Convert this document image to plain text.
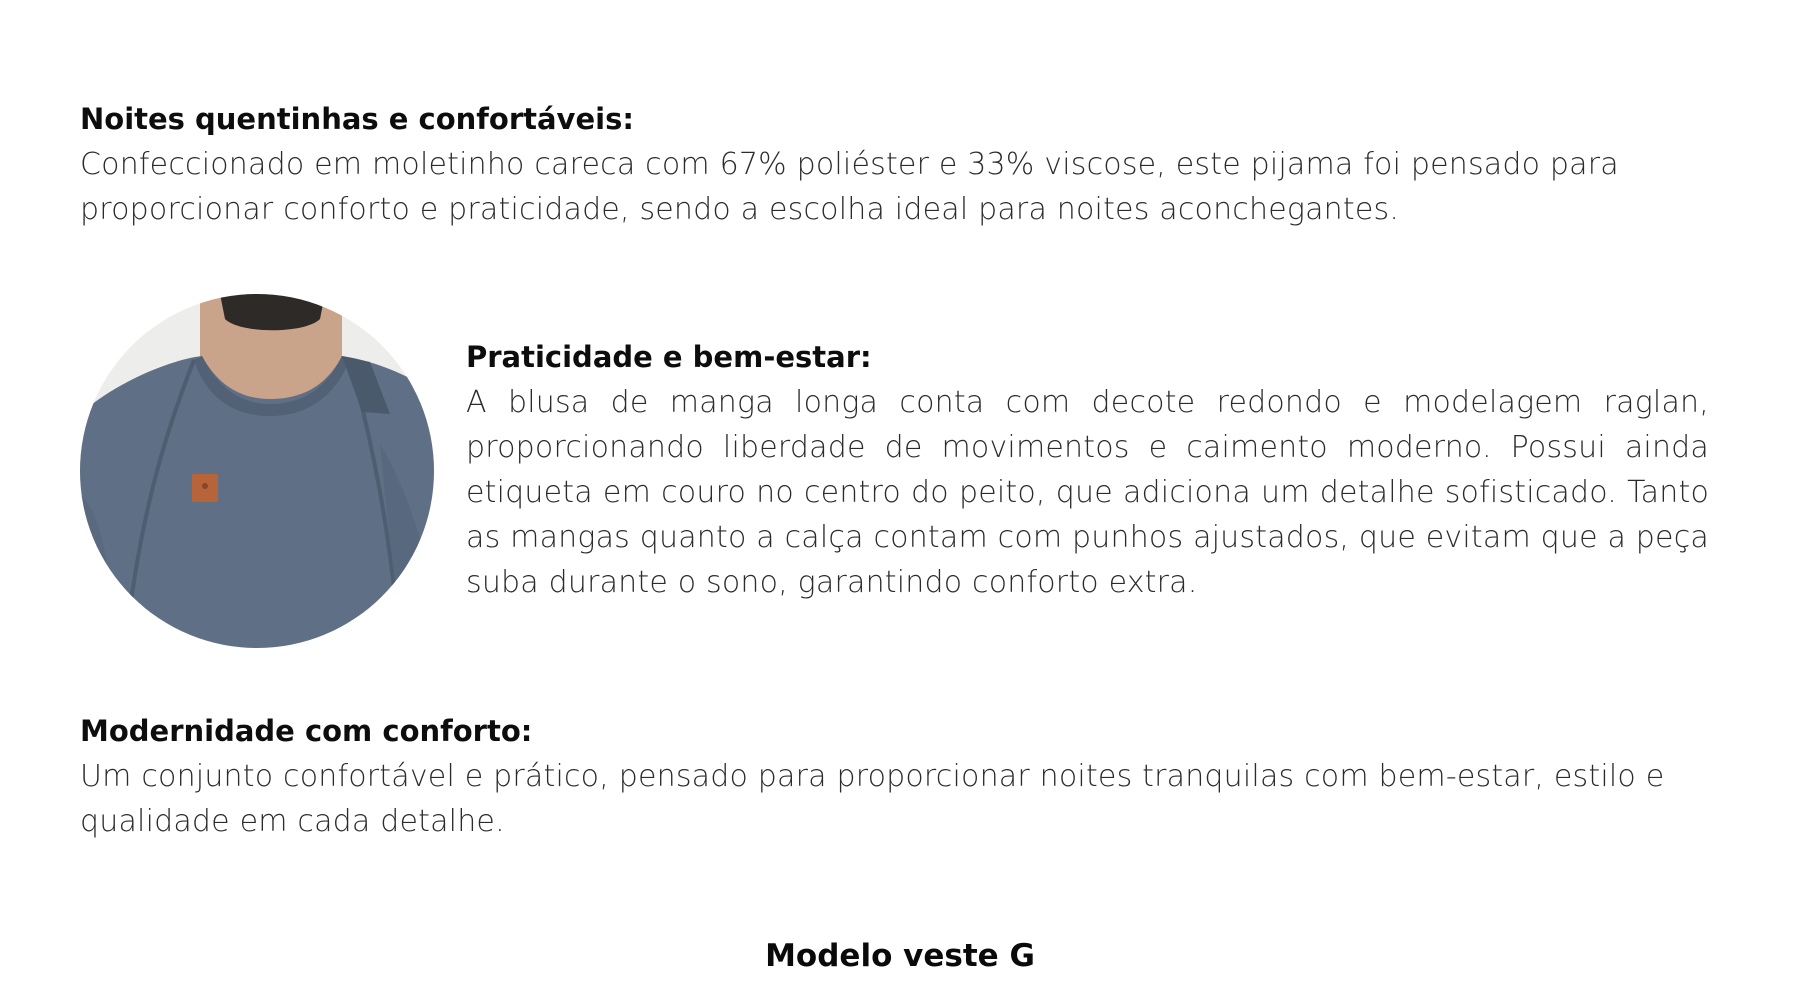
Noites quentinhas e confortáveis:

Confeccionado em moletinho careca com 67% poliéster e 33% viscose, este pijama foi pensado para proporcionar conforto e praticidade, sendo a escolha ideal para noites aconchegantes.

Praticidade e bem-estar:

A blusa de manga longa conta com decote redondo e modelagem raglan, proporcionando liberdade de movimentos e caimento moderno. Possui ainda etiqueta em couro no centro do peito, que adiciona um detalhe sofisticado. Tanto as mangas quanto a calça contam com punhos ajustados, que evitam que a peça suba durante o sono, garantindo conforto extra.

Modernidade com conforto:

Um conjunto confortável e prático, pensado para proporcionar noites tranquilas com bem-estar, estilo e qualidade em cada detalhe.

Modelo veste G
